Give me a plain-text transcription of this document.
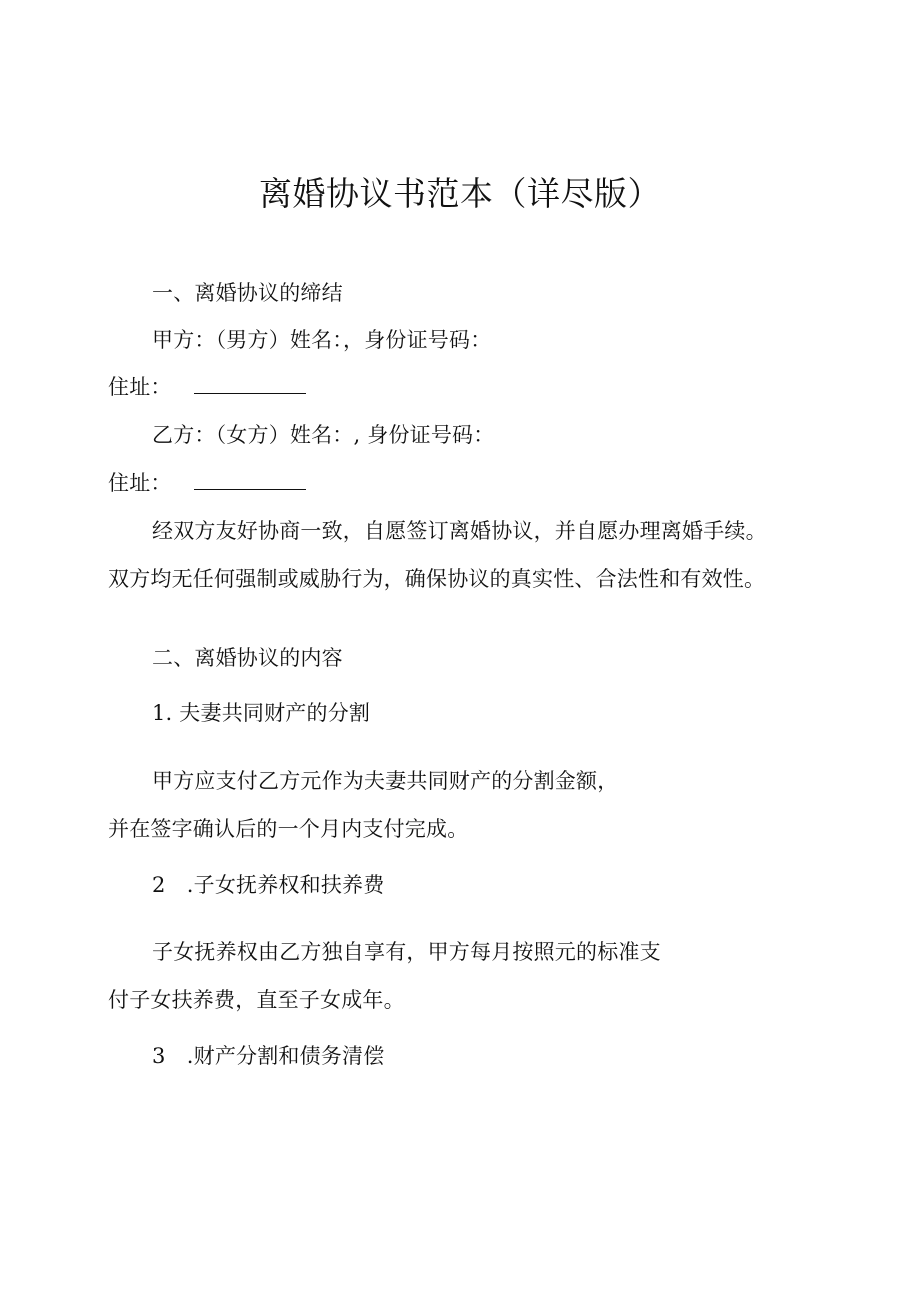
离婚协议书范本（详尽版）
一、离婚协议的缔结
甲方：（男方）姓名：，身份证号码：
住址：
乙方：（女方）姓名：, 身份证号码：
住址：
经双方友好协商一致，自愿签订离婚协议，并自愿办理离婚手续。
双方均无任何强制或威胁行为，确保协议的真实性、合法性和有效性。
二、离婚协议的内容
1. 夫妻共同财产的分割
甲方应支付乙方元作为夫妻共同财产的分割金额，
并在签字确认后的一个月内支付完成。
2　.子女抚养权和扶养费
子女抚养权由乙方独自享有，甲方每月按照元的标准支
付子女扶养费，直至子女成年。
3　.财产分割和债务清偿
